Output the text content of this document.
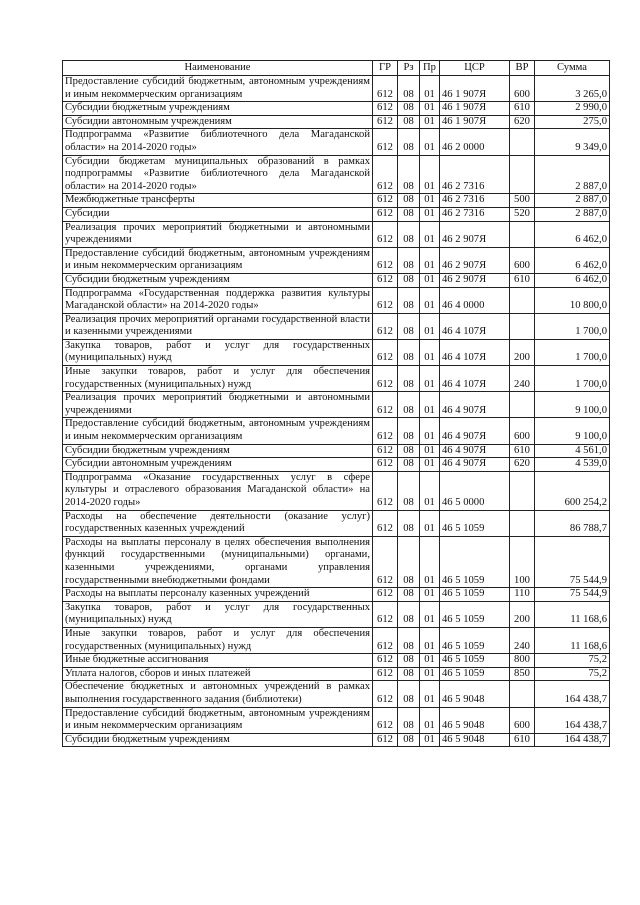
Наименование	ГР	Рз	Пр	ЦСР	ВР	Сумма
Предоставление субсидий бюджетным, автономным учреждениям и иным некоммерческим организациям	612	08	01	46 1 907Я	600	3 265,0
Субсидии бюджетным учреждениям	612	08	01	46 1 907Я	610	2 990,0
Субсидии автономным учреждениям	612	08	01	46 1 907Я	620	275,0
Подпрограмма «Развитие библиотечного дела Магаданской области» на 2014-2020 годы»	612	08	01	46 2 0000		9 349,0
Субсидии бюджетам муниципальных образований в рамках подпрограммы «Развитие библиотечного дела Магаданской области» на 2014-2020 годы»	612	08	01	46 2 7316		2 887,0
Межбюджетные трансферты	612	08	01	46 2 7316	500	2 887,0
Субсидии	612	08	01	46 2 7316	520	2 887,0
Реализация прочих мероприятий бюджетными и автономными учреждениями	612	08	01	46 2 907Я		6 462,0
Предоставление субсидий бюджетным, автономным учреждениям и иным некоммерческим организациям	612	08	01	46 2 907Я	600	6 462,0
Субсидии бюджетным учреждениям	612	08	01	46 2 907Я	610	6 462,0
Подпрограмма «Государственная поддержка развития культуры Магаданской области» на 2014-2020 годы»	612	08	01	46 4 0000		10 800,0
Реализация прочих мероприятий органами государственной власти и казенными учреждениями	612	08	01	46 4 107Я		1 700,0
Закупка товаров, работ и услуг для государственных (муниципальных) нужд	612	08	01	46 4 107Я	200	1 700,0
Иные закупки товаров, работ и услуг для обеспечения государственных (муниципальных) нужд	612	08	01	46 4 107Я	240	1 700,0
Реализация прочих мероприятий бюджетными и автономными учреждениями	612	08	01	46 4 907Я		9 100,0
Предоставление субсидий бюджетным, автономным учреждениям и иным некоммерческим организациям	612	08	01	46 4 907Я	600	9 100,0
Субсидии бюджетным учреждениям	612	08	01	46 4 907Я	610	4 561,0
Субсидии автономным учреждениям	612	08	01	46 4 907Я	620	4 539,0
Подпрограмма «Оказание государственных услуг в сфере культуры и отраслевого образования Магаданской области» на 2014-2020 годы»	612	08	01	46 5 0000		600 254,2
Расходы на обеспечение деятельности (оказание услуг) государственных казенных учреждений	612	08	01	46 5 1059		86 788,7
Расходы на выплаты персоналу в целях обеспечения выполнения функций государственными (муниципальными) органами, казенными учреждениями, органами управления государственными внебюджетными фондами	612	08	01	46 5 1059	100	75 544,9
Расходы на выплаты персоналу казенных учреждений	612	08	01	46 5 1059	110	75 544,9
Закупка товаров, работ и услуг для государственных (муниципальных) нужд	612	08	01	46 5 1059	200	11 168,6
Иные закупки товаров, работ и услуг для обеспечения государственных (муниципальных) нужд	612	08	01	46 5 1059	240	11 168,6
Иные бюджетные ассигнования	612	08	01	46 5 1059	800	75,2
Уплата налогов, сборов и иных платежей	612	08	01	46 5 1059	850	75,2
Обеспечение бюджетных и автономных учреждений в рамках выполнения государственного задания (библиотеки)	612	08	01	46 5 9048		164 438,7
Предоставление субсидий бюджетным, автономным учреждениям и иным некоммерческим организациям	612	08	01	46 5 9048	600	164 438,7
Субсидии бюджетным учреждениям	612	08	01	46 5 9048	610	164 438,7
